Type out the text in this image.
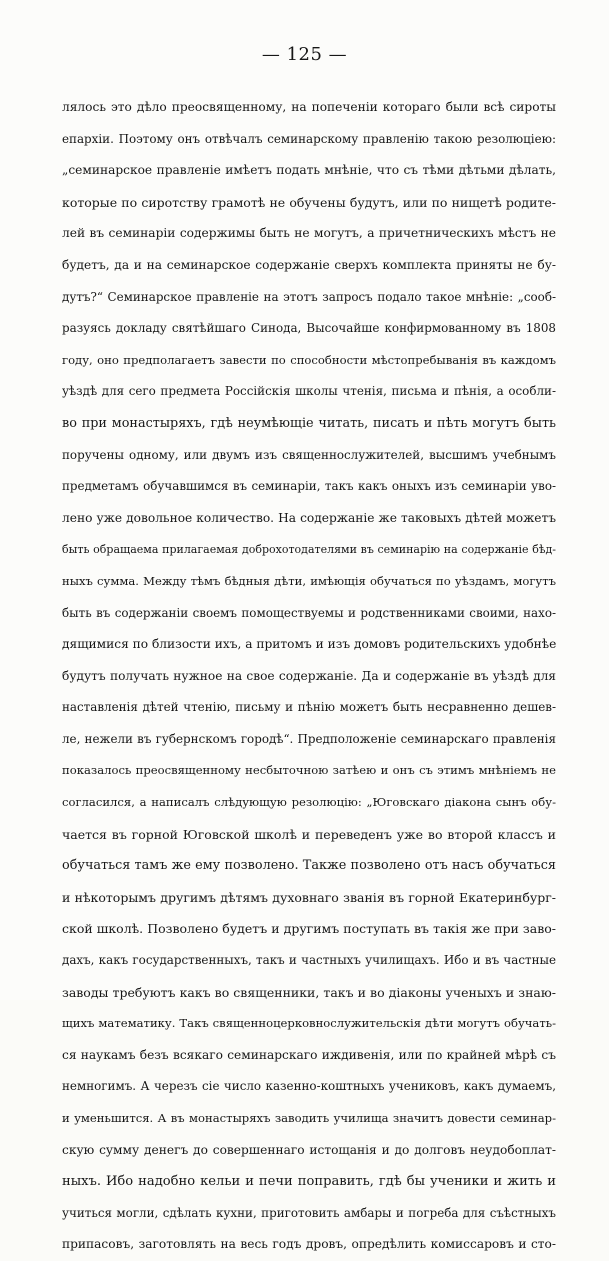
— 125 —
лялось это дѣло преосвященному, на попеченіи котораго были всѣ сироты
епархіи. Поэтому онъ отвѣчалъ семинарскому правленію такою резолюціею:
„семинарское правленіе имѣетъ подать мнѣніе, что съ тѣми дѣтьми дѣлать,
которые по сиротству грамотѣ не обучены будутъ, или по нищетѣ родите-
лей въ семинаріи содержимы быть не могутъ, а причетническихъ мѣстъ не
будетъ, да и на семинарское содержаніе сверхъ комплекта приняты не бу-
дутъ?“ Семинарское правленіе на этотъ запросъ подало такое мнѣніе: „сооб-
разуясь докладу святѣйшаго Синода, Высочайше конфирмованному въ 1808
году, оно предполагаетъ завести по способности мѣстопребыванія въ каждомъ
уѣздѣ для сего предмета Россійскія школы чтенія, письма и пѣнія, а особли-
во при монастыряхъ, гдѣ неумѣющіе читать, писать и пѣть могутъ быть
поручены одному, или двумъ изъ священнослужителей, высшимъ учебнымъ
предметамъ обучавшимся въ семинаріи, такъ какъ оныхъ изъ семинаріи уво-
лено уже довольное количество. На содержаніе же таковыхъ дѣтей можетъ
быть обращаема прилагаемая доброхотодателями въ семинарію на содержаніе бѣд-
ныхъ сумма. Между тѣмъ бѣдныя дѣти, имѣющія обучаться по уѣздамъ, могутъ
быть въ содержаніи своемъ помоществуемы и родственниками своими, нахо-
дящимися по близости ихъ, а притомъ и изъ домовъ родительскихъ удобнѣе
будутъ получать нужное на свое содержаніе. Да и содержаніе въ уѣздѣ для
наставленія дѣтей чтенію, письму и пѣнію можетъ быть несравненно дешев-
ле, нежели въ губернскомъ городѣ“. Предположеніе семинарскаго правленія
показалось преосвященному несбыточною затѣею и онъ съ этимъ мнѣніемъ не
согласился, а написалъ слѣдующую резолюцію: „Юговскаго діакона сынъ обу-
чается въ горной Юговской школѣ и переведенъ уже во второй классъ и
обучаться тамъ же ему позволено. Также позволено отъ насъ обучаться
и нѣкоторымъ другимъ дѣтямъ духовнаго званія въ горной Екатеринбург-
ской школѣ. Позволено будетъ и другимъ поступать въ такія же при заво-
дахъ, какъ государственныхъ, такъ и частныхъ училищахъ. Ибо и въ частные
заводы требуютъ какъ во священники, такъ и во діаконы ученыхъ и знаю-
щихъ математику. Такъ священноцерковнослужительскія дѣти могутъ обучать-
ся наукамъ безъ всякаго семинарскаго иждивенія, или по крайней мѣрѣ съ
немногимъ. А черезъ сіе число казенно-коштныхъ учениковъ, какъ думаемъ,
и уменьшится. А въ монастыряхъ заводить училища значитъ довести семинар-
скую сумму денегъ до совершеннаго истощанія и до долговъ неудобоплат-
ныхъ. Ибо надобно кельи и печи поправить, гдѣ бы ученики и жить и
учиться могли, сдѣлать кухни, приготовить амбары и погреба для съѣстныхъ
припасовъ, заготовлять на весь годъ дровъ, опредѣлить комиссаровъ и сто-
